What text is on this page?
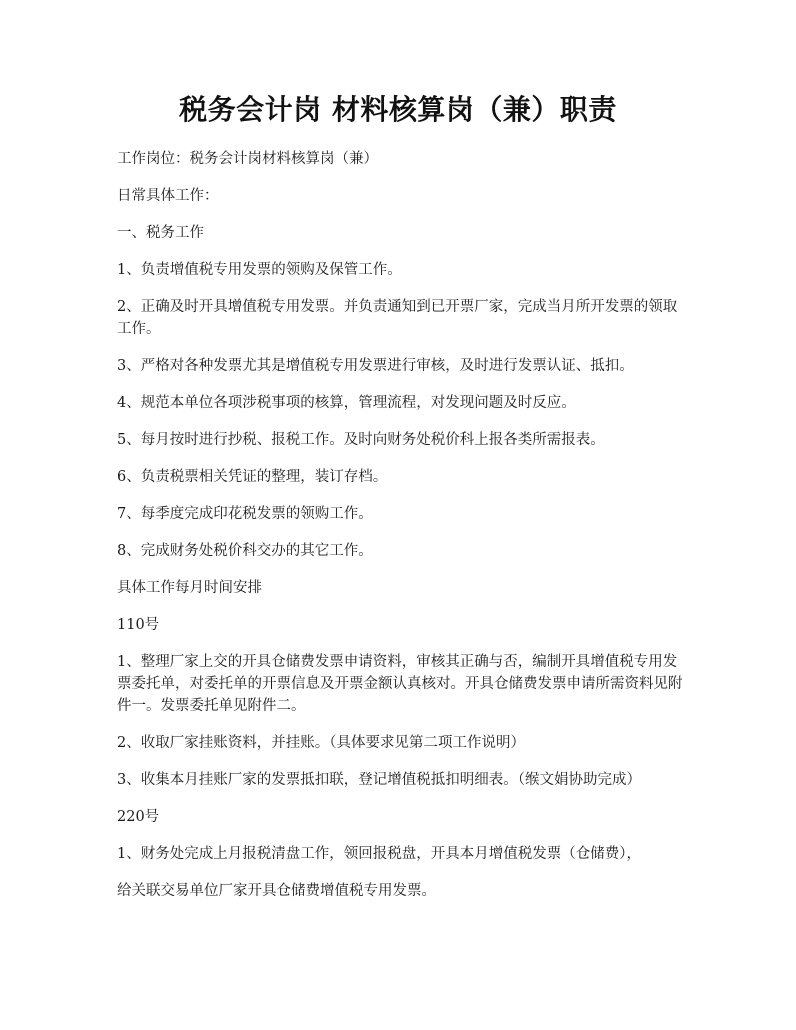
税务会计岗 材料核算岗（兼）职责

工作岗位：税务会计岗材料核算岗（兼）

日常具体工作：

一、税务工作

1、负责增值税专用发票的领购及保管工作。

2、正确及时开具增值税专用发票。并负责通知到已开票厂家，完成当月所开发票的领取工作。

3、严格对各种发票尤其是增值税专用发票进行审核，及时进行发票认证、抵扣。

4、规范本单位各项涉税事项的核算，管理流程，对发现问题及时反应。

5、每月按时进行抄税、报税工作。及时向财务处税价科上报各类所需报表。

6、负责税票相关凭证的整理，装订存档。

7、每季度完成印花税发票的领购工作。

8、完成财务处税价科交办的其它工作。

具体工作每月时间安排

110号

1、整理厂家上交的开具仓储费发票申请资料，审核其正确与否，编制开具增值税专用发票委托单，对委托单的开票信息及开票金额认真核对。开具仓储费发票申请所需资料见附件一。发票委托单见附件二。

2、收取厂家挂账资料，并挂账。（具体要求见第二项工作说明）

3、收集本月挂账厂家的发票抵扣联，登记增值税抵扣明细表。（缑文娟协助完成）

220号

1、财务处完成上月报税清盘工作，领回报税盘，开具本月增值税发票（仓储费），

给关联交易单位厂家开具仓储费增值税专用发票。
